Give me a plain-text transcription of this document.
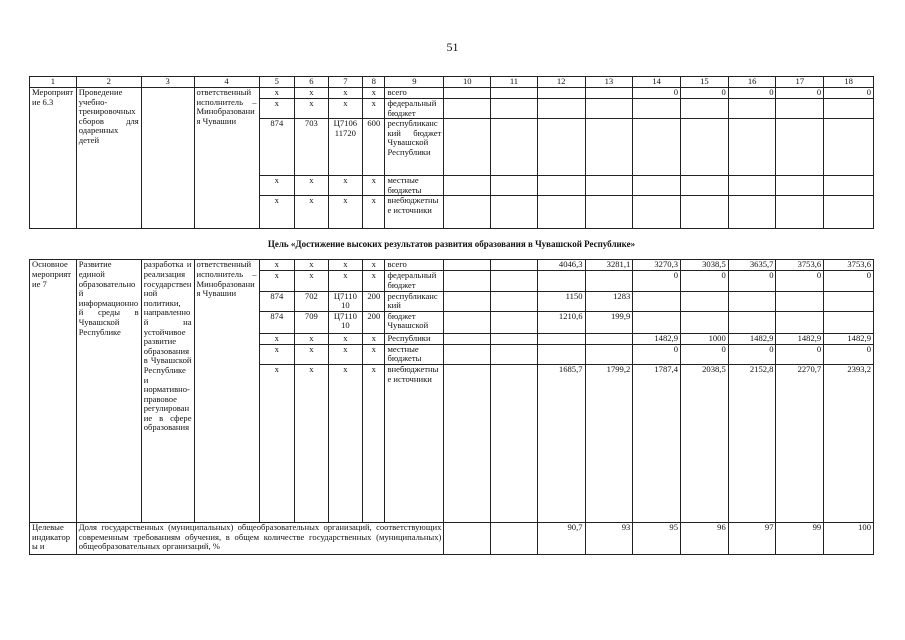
51
1	2	3	4	5	6	7	8	9	10	11	12	13	14	15	16	17	18
Мероприятие 6.3	Проведение учебно-тренировочных сборов для одаренных детей		ответственный исполнитель – Минобразования Чувашии	x	x	x	x	всего					0	0	0	0	0
				x	x	x	x	федеральный бюджет									
				874	703	Ц7106 11720	600	республиканский бюджет Чувашской Республики									
				x	x	x	x	местные бюджеты									
				x	x	x	x	внебюджетные источники									
Цель «Достижение высоких результатов развития образования в Чувашской Республике»																	
Основное мероприятие 7	Развитие единой образовательной информационной среды в Чувашской Республике	разработка и реализация государственной политики, направленной на устойчивое развитие образования в Чувашской Республике и нормативно-правовое регулирование в сфере образования	ответственный исполнитель – Минобразования Чувашии	x	x	x	x	всего			4046,3	3281,1	3270,3	3038,5	3635,7	3753,6	3753,6
				x	x	x	x	федеральный бюджет					0	0	0	0	0
				874	702	Ц7110 10	200	республиканский			1150	1283					
				874	709	Ц7110 10	200	бюджет Чувашской			1210,6	199,9					
				x	x	x	x	Республики					1482,9	1000	1482,9	1482,9	1482,9
				x	x	x	x	местные бюджеты					0	0	0	0	0
				x	x	x	x	внебюджетные источники			1685,7	1799,2	1787,4	2038,5	2152,8	2270,7	2393,2
Целевые индикаторы и	Доля государственных (муниципальных) общеобразовательных организаций, соответствующих современным требованиям обучения, в общем количестве государственных (муниципальных) общеобразовательных организаций, %										90,7	93	95	96	97	99	100
